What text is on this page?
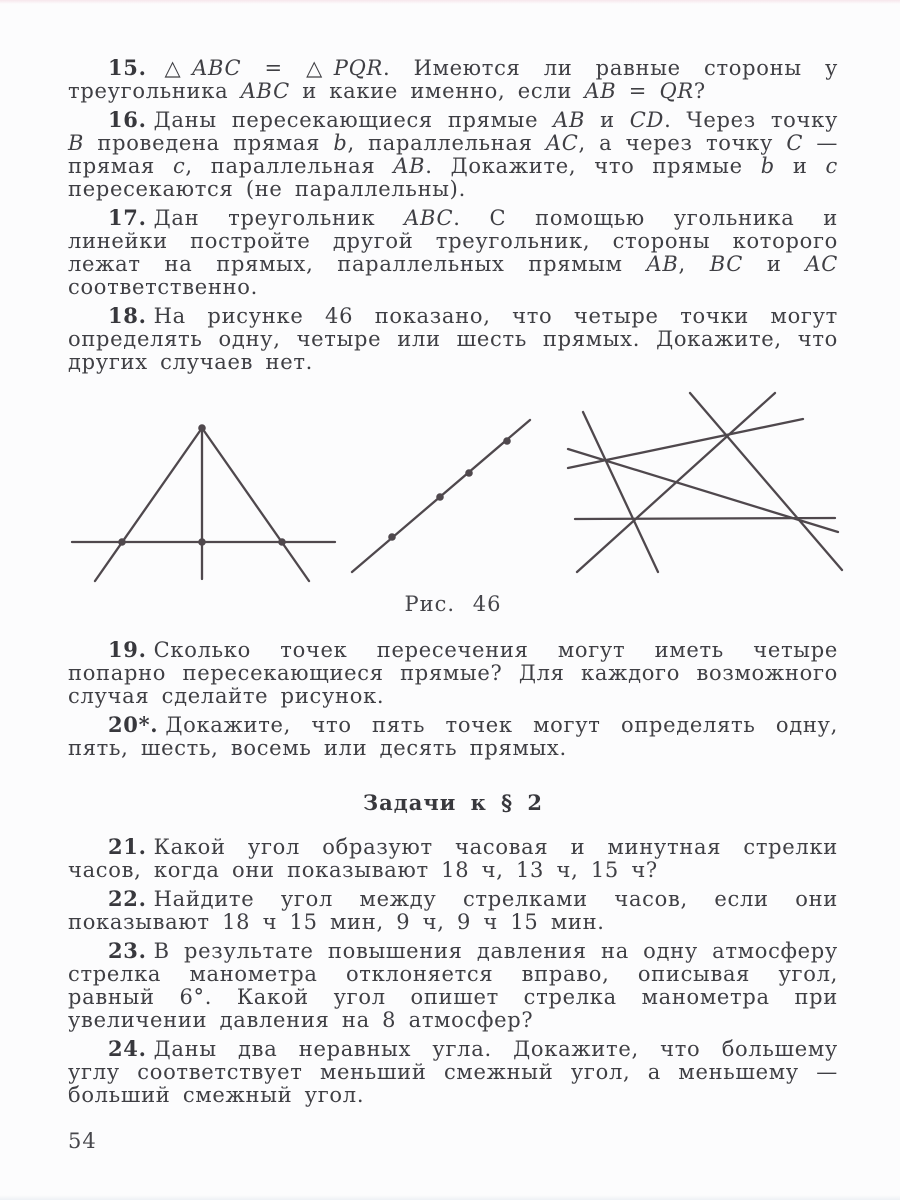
15. △ABC = △PQR. Имеются ли равные стороны у треугольника ABC и какие именно, если AB = QR?

16. Даны пересекающиеся прямые AB и CD. Через точку B проведена прямая b, параллельная AC, а через точку C — прямая c, параллельная AB. Докажите, что прямые b и c пересекаются (не параллельны).

17. Дан треугольник ABC. С помощью угольника и линейки постройте другой треугольник, стороны которого лежат на прямых, параллельных прямым AB, BC и AC соответственно.

18. На рисунке 46 показано, что четыре точки могут определять одну, четыре или шесть прямых. Докажите, что других случаев нет.

Рис. 46

19. Сколько точек пересечения могут иметь четыре попарно пересекающиеся прямые? Для каждого возможного случая сделайте рисунок.

20*. Докажите, что пять точек могут определять одну, пять, шесть, восемь или десять прямых.

Задачи к § 2

21. Какой угол образуют часовая и минутная стрелки часов, когда они показывают 18 ч, 13 ч, 15 ч?

22. Найдите угол между стрелками часов, если они показывают 18 ч 15 мин, 9 ч, 9 ч 15 мин.

23. В результате повышения давления на одну атмосферу стрелка манометра отклоняется вправо, описывая угол, равный 6°. Какой угол опишет стрелка манометра при увеличении давления на 8 атмосфер?

24. Даны два неравных угла. Докажите, что большему углу соответствует меньший смежный угол, а меньшему — больший смежный угол.

54
